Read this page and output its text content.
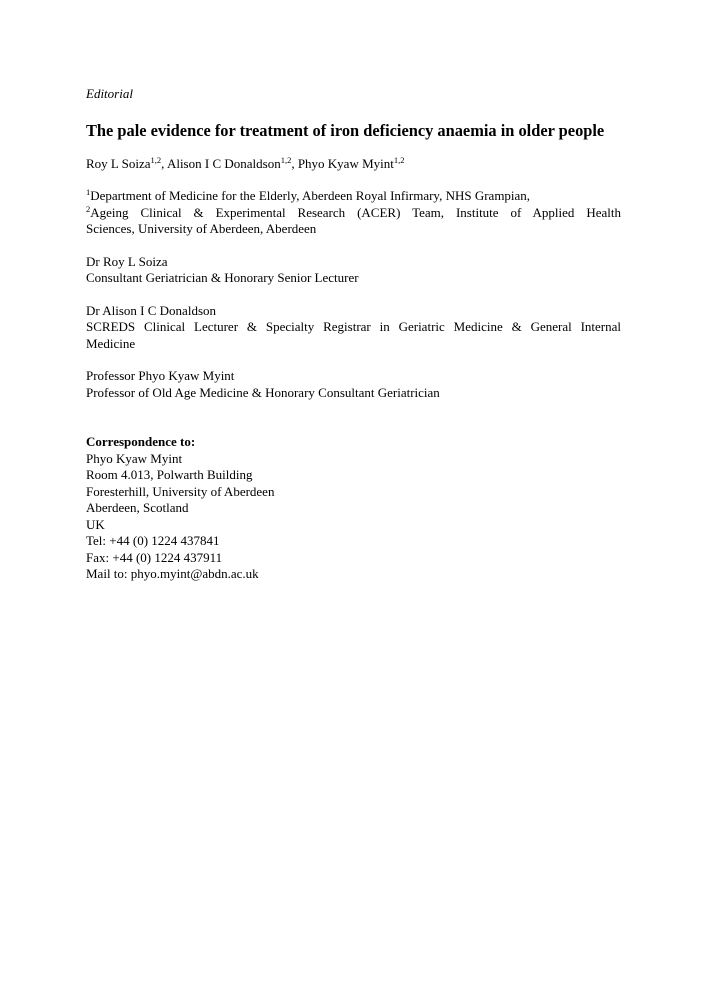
Editorial

The pale evidence for treatment of iron deficiency anaemia in older people

Roy L Soiza$^{1,2}$, Alison I C Donaldson$^{1,2}$, Phyo Kyaw Myint$^{1,2}$

$^1$Department of Medicine for the Elderly, Aberdeen Royal Infirmary, NHS Grampian,
$^2$Ageing Clinical & Experimental Research (ACER) Team, Institute of Applied Health
Sciences, University of Aberdeen, Aberdeen
Dr Roy L Soiza
Consultant Geriatrician & Honorary Senior Lecturer
Dr Alison I C Donaldson
SCREDS Clinical Lecturer & Specialty Registrar in Geriatric Medicine & General Internal
Medicine
Professor Phyo Kyaw Myint
Professor of Old Age Medicine & Honorary Consultant Geriatrician
Correspondence to:
Phyo Kyaw Myint
Room 4.013, Polwarth Building
Foresterhill, University of Aberdeen
Aberdeen, Scotland
UK
Tel: +44 (0) 1224 437841
Fax: +44 (0) 1224 437911
Mail to: phyo.myint@abdn.ac.uk
